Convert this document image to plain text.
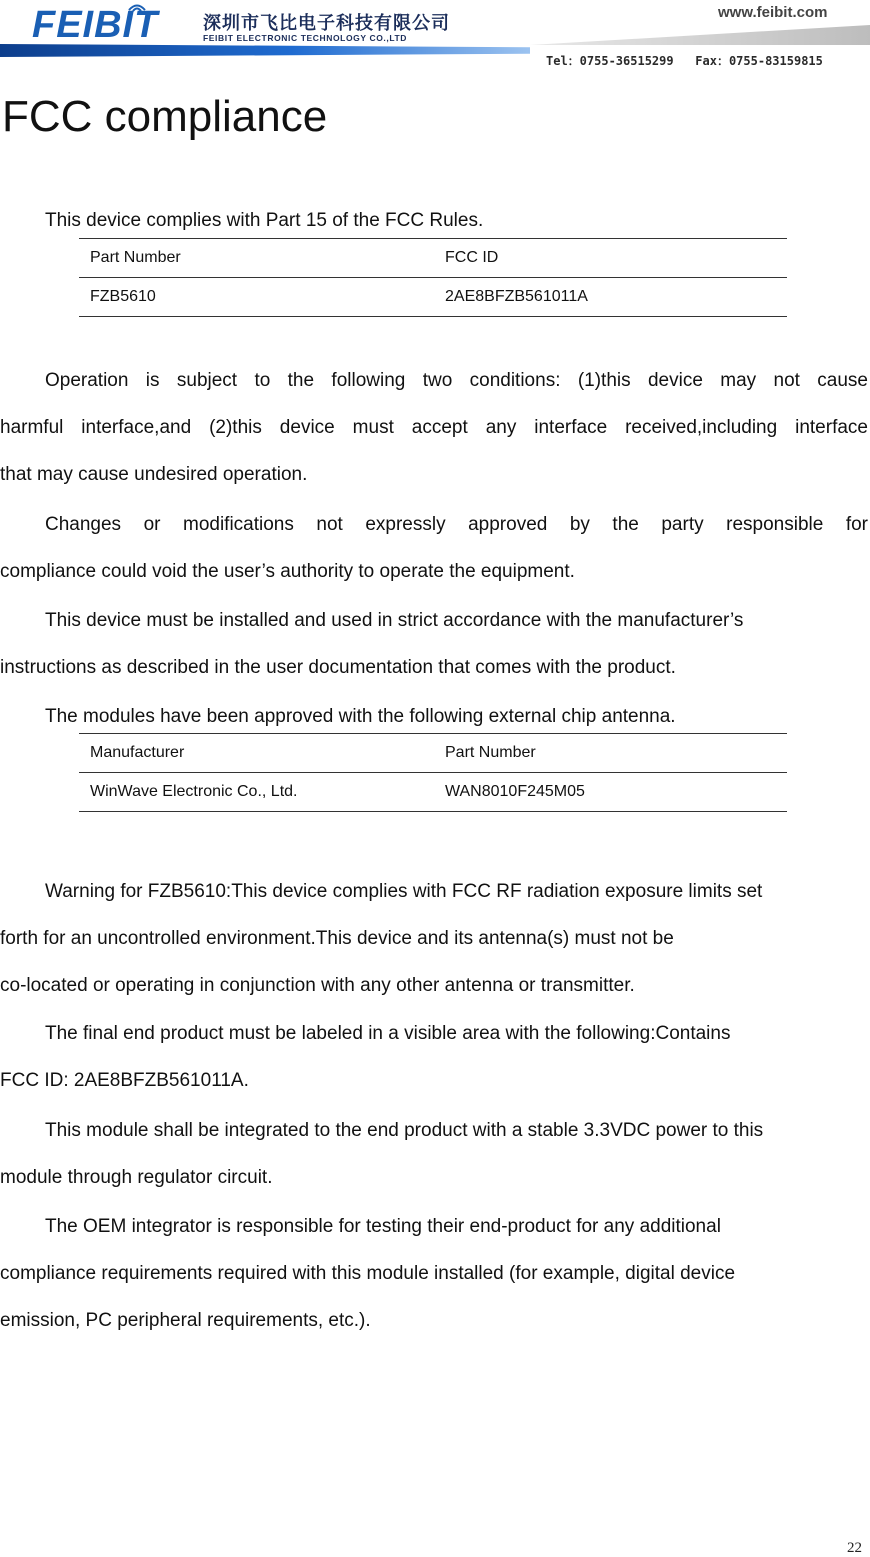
FEIBIT 深圳市飞比电子科技有限公司
FEIBIT ELECTRONIC TECHNOLOGY CO.,LTD
www.feibit.com
Tel：0755-36515299   Fax：0755-83159815
FCC compliance

This device complies with Part 15 of the FCC Rules.

Part Number	FCC ID
FZB5610	2AE8BFZB561011A

Operation is subject to the following two conditions: (1)this device may not cause
harmful interface,and (2)this device must accept any interface received,including interface
that may cause undesired operation.

Changes or modifications not expressly approved by the party responsible for
compliance could void the user’s authority to operate the equipment.

This device must be installed and used in strict accordance with the manufacturer’s
instructions as described in the user documentation that comes with the product.

The modules have been approved with the following external chip antenna.

Manufacturer	Part Number
WinWave Electronic Co., Ltd.	WAN8010F245M05

Warning for FZB5610:This device complies with FCC RF radiation exposure limits set
forth for an uncontrolled environment.This device and its antenna(s) must not be
co-located or operating in conjunction with any other antenna or transmitter.

The final end product must be labeled in a visible area with the following:Contains
FCC ID: 2AE8BFZB561011A.

This module shall be integrated to the end product with a stable 3.3VDC power to this
module through regulator circuit.

The OEM integrator is responsible for testing their end-product for any additional
compliance requirements required with this module installed (for example, digital device
emission, PC peripheral requirements, etc.).

22
